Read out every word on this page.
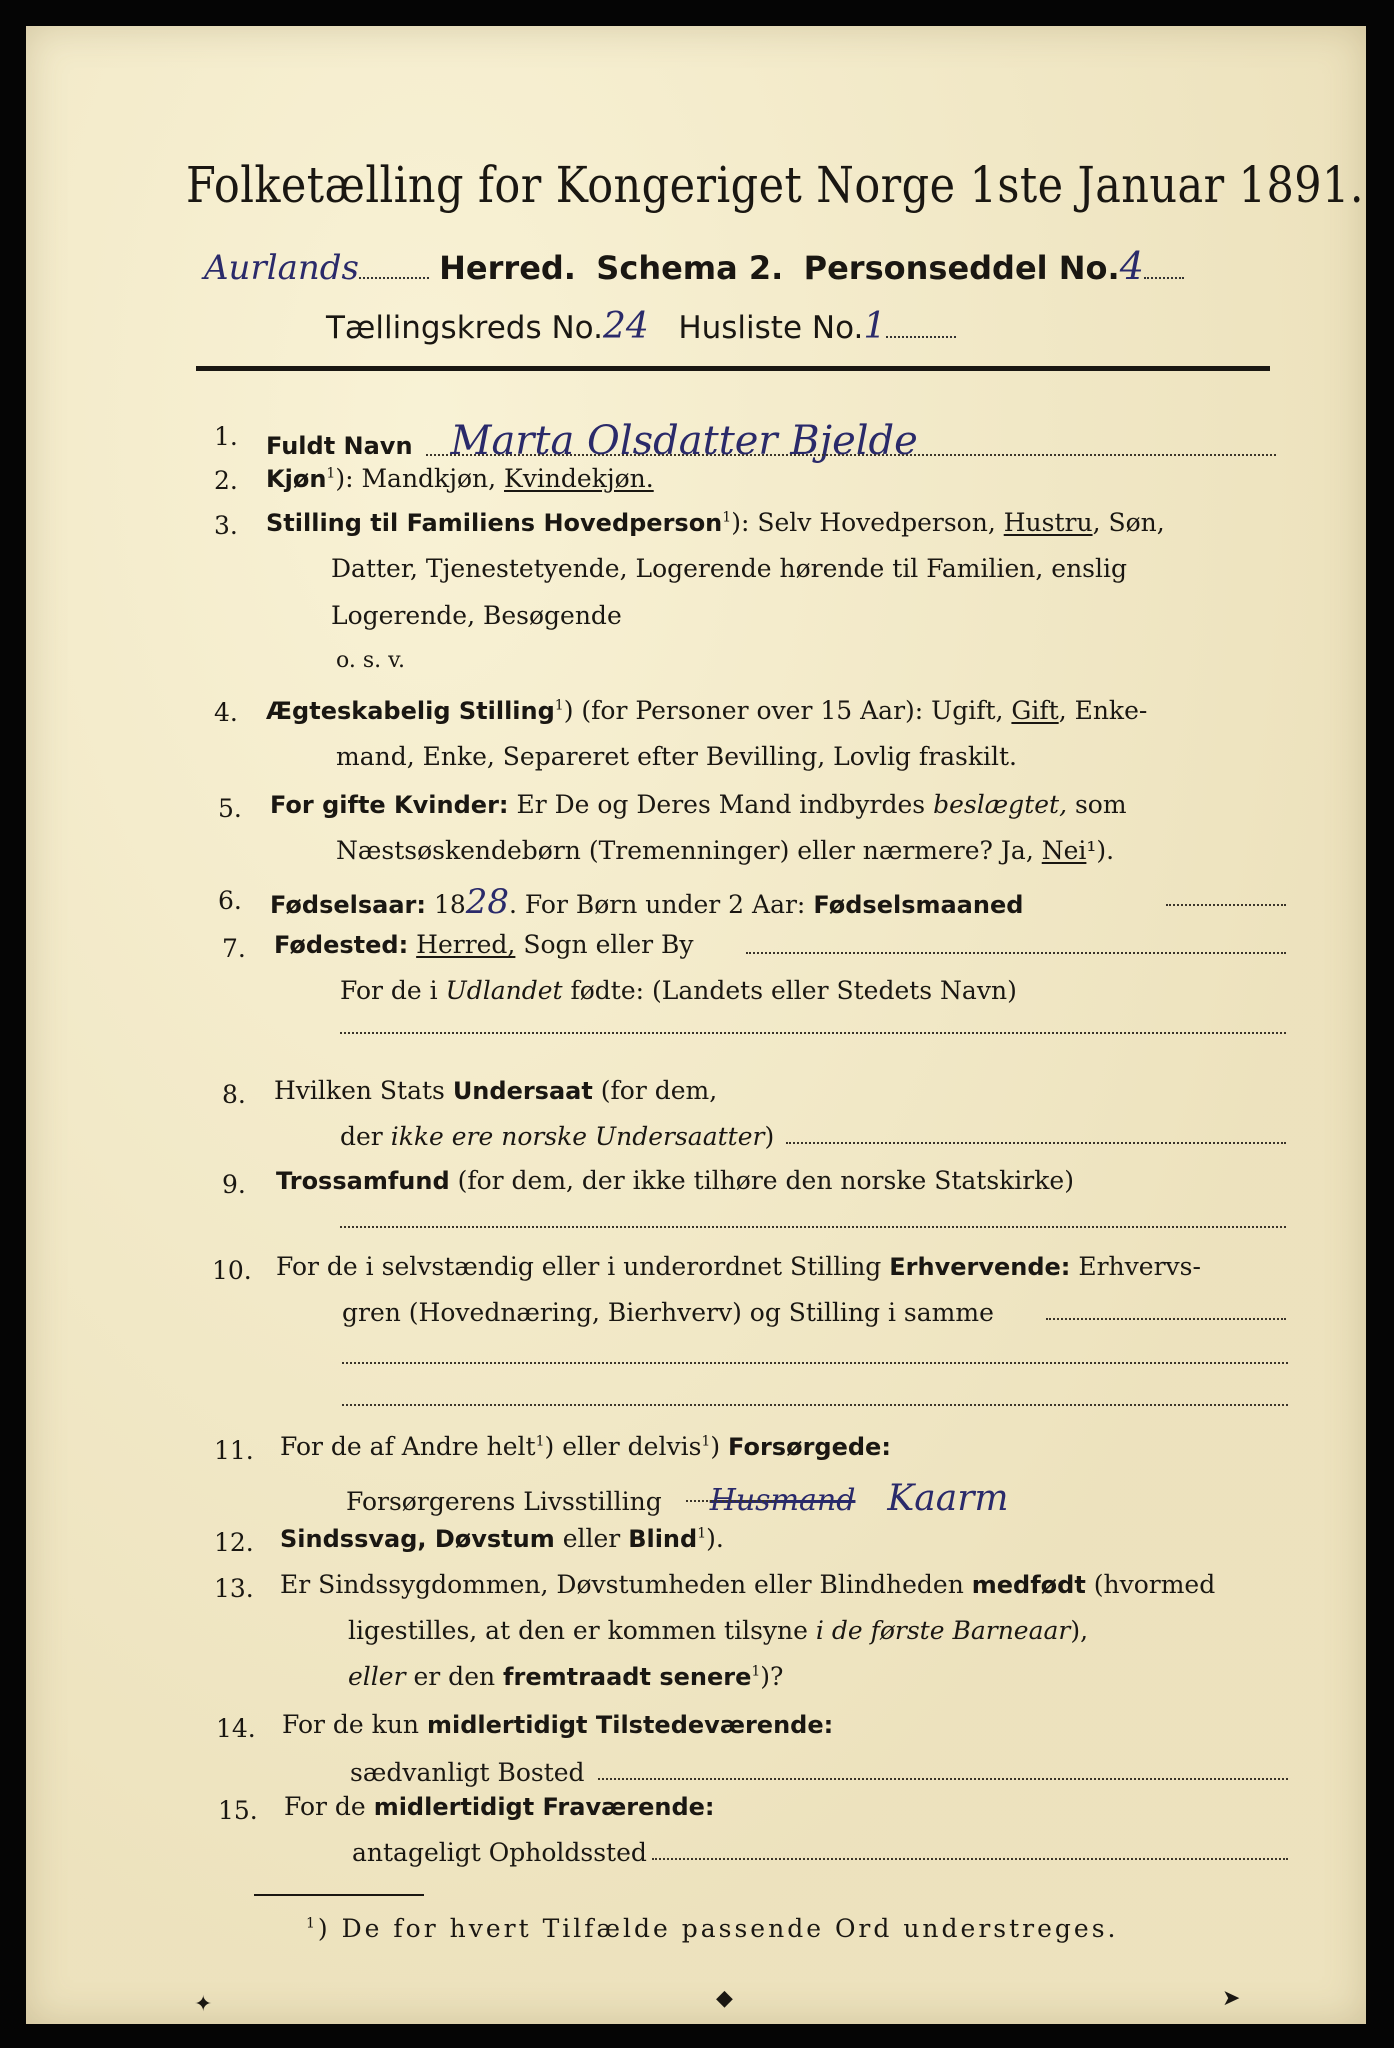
Folketælling for Kongeriget Norge 1ste Januar 1891.
Aurlands	Herred. Schema 2. Personseddel No.4
Tællingskreds No.24 Husliste No.1
1. Fuldt Navn Marta Olsdatter Bjelde
2. Kjøn$^1$): Mandkjøn, Kvindekjøn.
3. Stilling til Familiens Hovedperson$^1$): Selv Hovedperson, Hustru, Søn,
Datter, Tjenestetyende, Logerende hørende til Familien, enslig
Logerende, Besøgende
o. s. v.
4. Ægteskabelig Stilling$^1$) (for Personer over 15 Aar): Ugift, Gift, Enke-
mand, Enke, Separeret efter Bevilling, Lovlig fraskilt.
5. For gifte Kvinder: Er De og Deres Mand indbyrdes beslægtet, som
Næstsøskendebørn (Tremenninger) eller nærmere? Ja, Nei¹).
6. Fødselsaar: 1828. For Børn under 2 Aar: Fødselsmaaned
7. Fødested: Herred, Sogn eller By
For de i Udlandet fødte: (Landets eller Stedets Navn)
8. Hvilken Stats Undersaat (for dem,
der ikke ere norske Undersaatter)
9. Trossamfund (for dem, der ikke tilhøre den norske Statskirke)
10. For de i selvstændig eller i underordnet Stilling Erhvervende: Erhvervs-
gren (Hovednæring, Bierhverv) og Stilling i samme
11. For de af Andre helt$^1$) eller delvis$^1$) Forsørgede:
Forsørgerens Livsstilling Husmand Kaarm
12. Sindssvag, Døvstum eller Blind$^1$).
13. Er Sindssygdommen, Døvstumheden eller Blindheden medfødt (hvormed
ligestilles, at den er kommen tilsyne i de første Barneaar),
eller er den fremtraadt senere$^1$)?
14. For de kun midlertidigt Tilstedeværende:
sædvanligt Bosted
15. For de midlertidigt Fraværende:
antageligt Opholdssted
$^1$) De for hvert Tilfælde passende Ord understreges.
✦	◆	➤
